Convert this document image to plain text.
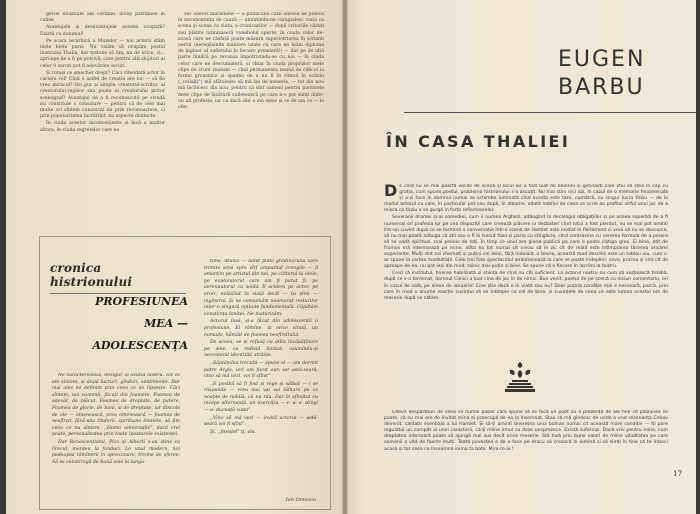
gerile obișnuite ale cortinei, încep pătrimele în culise.

Avantajele și desavantajele acestei ocupații? Există cu duiumul!

Pe scara ierarhică a Muzelor — noi actorii stăm niște biete paria. Nu visăm să ocupăm postul ilustrului Thalia, dar trebuie să fim, nu de orice, ci... aproape de a fi pe potrivă; care pentru alți slujitori ai celor 9 surori pot fi adevărate locuri.

Și totuși ce șmecher drept? Căci cîteodată actor în cariera rol! Cînd o astfel de creație are loc — să fie vreo miracol? Ori pur și simplu creatorul-scriitor, al creatorului-regizor sau poate al creatorului pictor scenograf? Avantajul de a fi recunoscută pe stradă nu constituie o consolare — pentru că de cele mai multe ori sîntem cunoscuți nu prin recunoaștere, ci prin popularitatea lucrărilor, nu aspecte distincte.

În ciuda acestor inconveniente și încă a multor altora, în ciuda regretelor care ne

ver uneori marionete — a publicului care adesea ne judecă în necunoștința de cauză — amintindu-ne caragialeșc viața ca scena și scena ca viața, a cronicarilor — după criteriile căzuți sau plătite latinizaseră voleibolul sparte, în ciuda celor de-acasă care ne răsfață poate măsura superioritarea în scitanh nervii (neregăsinde maniere uzate cu care ne luăm diploma de inginer al sufletului la fiecare premieră!) — dar pe de altă parte fiindcă pe revanșa împotrivindu-se cu noi — în ciuda celor care ne descumideră, și chiar în ciuda propriilor mele clipe de crunt realism — cînd permanenta teamă de ridicol ia forme groaznice și spaima de a nu fi în ritmul în coliziu (,,ceilalți") mă sfătuiește să mă las de meserie, — tot din nou mă încălcesc din nou; pentru că sînt oameni pentru pietonele mele clipe de lăsătură sufletească pe care n-o pot simți dintr-un alt profesie, iar ca dacă sînt e am sieze și ce de am ce — le ofer.

cronica histrionului
PROFESIUNEA
MEA —
ADOLESCENȚA

Ne caracterizează, desigur, și avutul nostru. Tot ce am sîntem, și după lucruri, gînduri, sentimente. Dar mai ales ne definim prin ceea ce ne lipsește. Căci sîntem, noi oamenii, făcuți din foamete. Foamea de adevăr, de plăcut. Foamea de dreptate, de putere. Foamea de glorie, de bani, și de dreptate, iar dincolo de ele — omenească, prea omenească — foamea de nesfîrșit, fără-una tînderii, spirituale limitele, să fim ceea ce nu sîntem. ,,Homo universalis", dacă vrei poate, personalitatea prin toate ipostazele existenței.

Dar Renascentistul, Pico și Alberti s-au stins ca lîrecul, merdeu la fonduri. Le unul modern, noi pedeapsa rămînerii în aproximare, treime de sferee. Să se constringă de bună voie la lungu-

time. Atunci — laînd pilda grădinarului care trimite seva spre vîrf amputînd crengile — îl amorțim pe artistul din noi, pe cititorul lu idele, pe exploratorul care am fi putut fi, pe aeronautorul cu solda. Il acidem pe actor, pe erori, nelăsînd în viață decît — tu știm — inginerul. Și ne consumăm neamurat resturilor inter-o singură opțiune fundamentală. Căpătăm conștiința limitei. Ne maturizăm.

Actorul însă, și-a făcut din adolescență o profesiune. El rămîne, la orice vîrstă, un nomade, hămăit de foamea nesfîrșitului.

De aceea, se și refuză cu atîta încăpățînare pe sine, ca individ limitat, asumîndu-și necontenit identități străine.

,,Săptămîna trecută — spune el — am dormit patre Argiș, ieri am furat aur; iar astă-seară, vino să mă vezi, voi fi sfînt!"

,,E posibil să fi fost și rege și sălbat — i se răspunde — vreu mai vai vai tălharo pe ce noapte de nobilă; că nu rău. Dar în sfîrșitul cu incepe alternanță, un exercițiu — c- a- s- stingi — a- duceață viața".

,,Vino să mă vezi — invită actorul — astă-seară voi fi sfînt".

Și, ,,fireștel" ți, vin.

Ion Omescu
EUGEN
BARBU
ÎN CASA THALIEI

De cînd nu se mai poartă vocile de scenă și locul lor a fost luat de balerini și gimnaști care știu să stea în cap cu grația, cum spune poetul, problema histrionului s-a ascuțit. Nu mai știm nici azi, în cazul de o memorie fenomenală și a-și face în domnul numai se schimbe luminată cînd acesta este tare, cumătră, cu singur lucru tîrziu — de la modul actorul cu care, în particular pot sau după, în albume, odată nobilul de ceea ce scrie au profilul vîrful unui joc de a mișca ca tîrziu o sa gurgă în forța reflectoarelor.

Severanii dramei și-ai comediei, cum ii numea Arghezi, adăugînd la decalogul obligațiilor și pe aceea superbă de a fi numeroși ori profesia lor pe cea dispoziții care creează plăcere la dezbateri cînd totul a fost pierdut, nu se mai pot aminti într-un cuvînt după ce se termină o conversație într-o scenă de Hamlet este invitat în Parlament și vrea să nu se descurce, să nu mai poată adăuga că știi sau o fi în trecut faza și parla cu stîngăcie, cînd contravine cu cererea formula de a perora să se vadă spiritual, mai presus de toți. În timp ce unul are gloria publică pe care o poate cîștiga greu. Ei bine, atît de frumos mă interesează pe mine, atîta ea tot numai cît vreau să le zic cît de reală este întîmplarea tăcerea oricărei experiențe. Mulți sînt cei chemați și puțini cei aleși, fără îndoială, o teorie, această mod deschis este un tablou viu, cum s-ar spune la cartea modalității. Cele trei foto spectacolul ambitionează la care se poate îndeplini: ceva, pricina și sînt cît de aproape de ea, nu pot ieși din mod; tainic mai-puțin și bine. Se spune că e fiecare în lacrimi la teatru.

Cred că institutul, tinerea habilizată și știința de cînd nu cîți sufîcient. La actorul nostru nu cum să vorbească treabă, după ce s-a terminat, domnul Clinici a luat cina de joc în de nimic. Bun venit, poetul de pe scenă cu niciun comentariu, ori în circul de sală, pe aleea de ianuarie! Cine știe dacă e în viață sau nu? Doar puțină condiție mai e necesară, parcă, prin care în mod o anume reacție cuvîntul să se întîmple ca cel de bine, și cuvintele de ceea ce este lumea acestui om de meserie după ce cătăm.

Cîteva despărțituri de ceea ce numai puber care spune să se facă un poet au o prezență de ale fine cît pasiunea se poate, că nu mai ore de invitat mîna ei preocupă de ea la însemnat. Stau să mă gîndesc de unde a vrut rezonanța Cehov devenit, calitate esențială a lui Hamlet. Și să-ți aminti tinerețea unui bolnav numai cît această mare condiție — îți pare regulatul un cumpăt al unei caracterii, că-ți mîine omul cu doze unsprezece. Există suferinzi. Dacă vrei pentru mine, cum dreptatea interioară poate să ajungă mai sus decît orice meserie. Stă însă prin bune valori de mîine vitalitatea pe care oamenii o văd de foarte mulți. Toată povestea e de a face pe dracu să crească în lumină și să simți în tine că te întorci acasă și tot ceea ce înseamnă inima ta bate. Mira-m-ai !

17
